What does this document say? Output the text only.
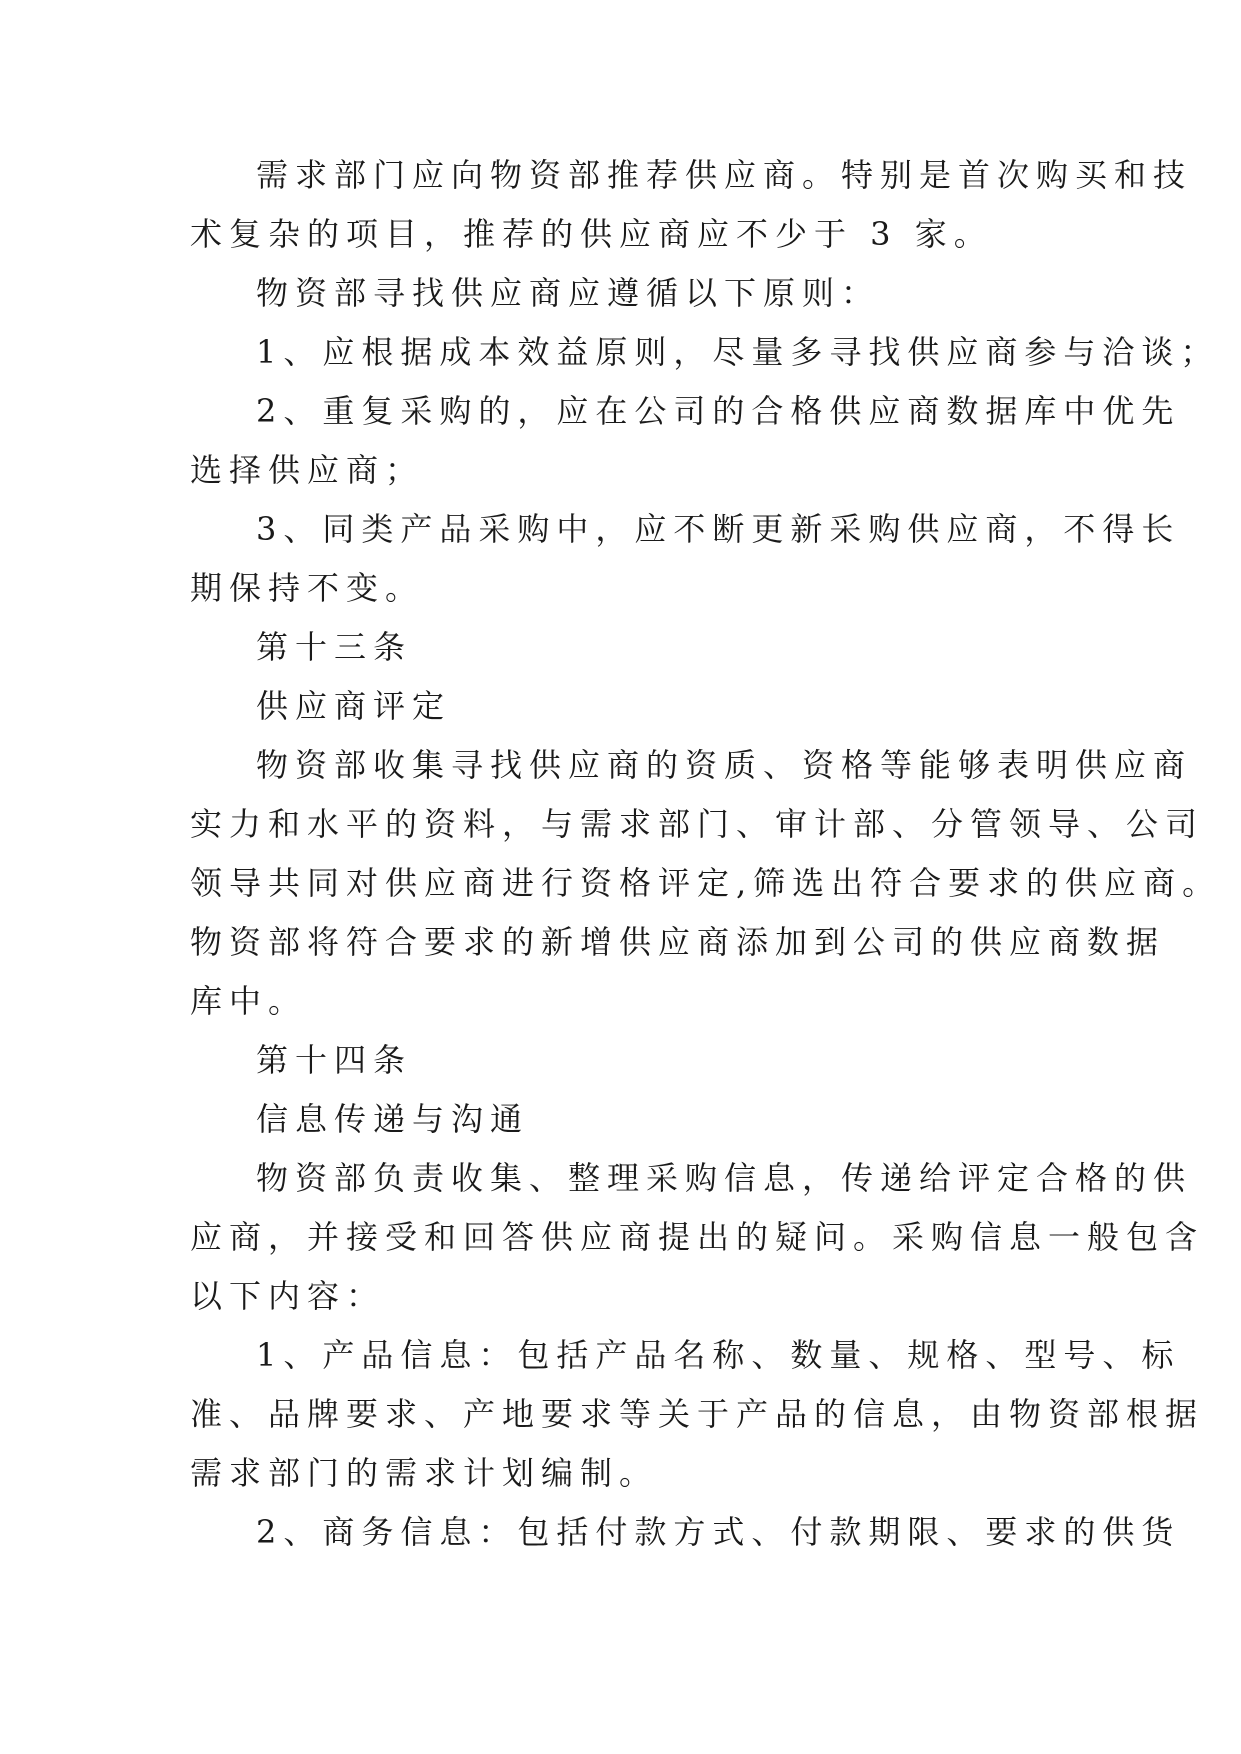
需求部门应向物资部推荐供应商。特别是首次购买和技
术复杂的项目，推荐的供应商应不少于 3 家。
物资部寻找供应商应遵循以下原则：
1、应根据成本效益原则，尽量多寻找供应商参与洽谈；
2、重复采购的，应在公司的合格供应商数据库中优先
选择供应商；
3、同类产品采购中，应不断更新采购供应商，不得长
期保持不变。
第十三条
供应商评定
物资部收集寻找供应商的资质、资格等能够表明供应商
实力和水平的资料，与需求部门、审计部、分管领导、公司
领导共同对供应商进行资格评定,筛选出符合要求的供应商。
物资部将符合要求的新增供应商添加到公司的供应商数据
库中。
第十四条
信息传递与沟通
物资部负责收集、整理采购信息，传递给评定合格的供
应商，并接受和回答供应商提出的疑问。采购信息一般包含
以下内容：
1、产品信息：包括产品名称、数量、规格、型号、标
准、品牌要求、产地要求等关于产品的信息，由物资部根据
需求部门的需求计划编制。
2、商务信息：包括付款方式、付款期限、要求的供货
